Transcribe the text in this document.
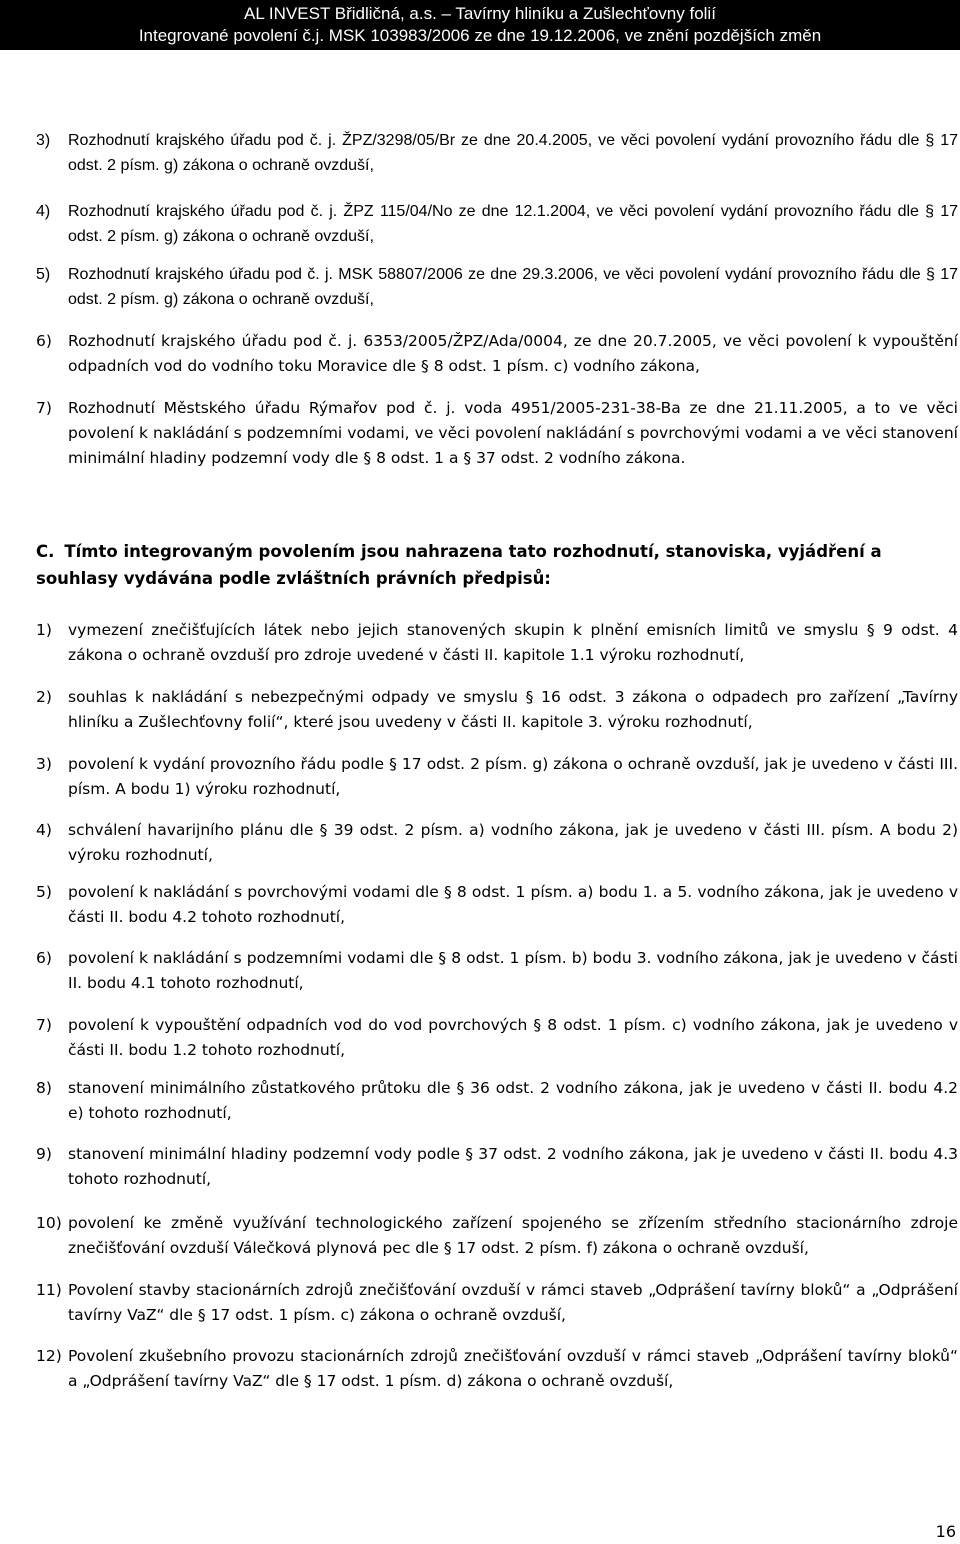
AL INVEST Břidličná, a.s. – Tavírny hliníku a Zušlechťovny folií
Integrované povolení č.j. MSK 103983/2006 ze dne 19.12.2006, ve znění pozdějších změn
3) Rozhodnutí krajského úřadu pod č. j. ŽPZ/3298/05/Br ze dne 20.4.2005, ve věci povolení vydání provozního řádu dle § 17 odst. 2 písm. g) zákona o ochraně ovzduší,
4) Rozhodnutí krajského úřadu pod č. j. ŽPZ 115/04/No ze dne 12.1.2004, ve věci povolení vydání provozního řádu dle § 17 odst. 2 písm. g) zákona o ochraně ovzduší,
5) Rozhodnutí krajského úřadu pod č. j. MSK 58807/2006 ze dne 29.3.2006, ve věci povolení vydání provozního řádu dle § 17 odst. 2 písm. g) zákona o ochraně ovzduší,
6) Rozhodnutí krajského úřadu pod č. j. 6353/2005/ŽPZ/Ada/0004, ze dne 20.7.2005, ve věci povolení k vypouštění odpadních vod do vodního toku Moravice dle § 8 odst. 1 písm. c) vodního zákona,
7) Rozhodnutí Městského úřadu Rýmařov pod č. j. voda 4951/2005-231-38-Ba ze dne 21.11.2005, a to ve věci povolení k nakládání s podzemními vodami, ve věci povolení nakládání s povrchovými vodami a ve věci stanovení minimální hladiny podzemní vody dle § 8 odst. 1 a § 37 odst. 2 vodního zákona.
C. Tímto integrovaným povolením jsou nahrazena tato rozhodnutí, stanoviska, vyjádření a souhlasy vydávána podle zvláštních právních předpisů:
1) vymezení znečišťujících látek nebo jejich stanovených skupin k plnění emisních limitů ve smyslu § 9 odst. 4 zákona o ochraně ovzduší pro zdroje uvedené v části II. kapitole 1.1 výroku rozhodnutí,
2) souhlas k nakládání s nebezpečnými odpady ve smyslu § 16 odst. 3 zákona o odpadech pro zařízení „Tavírny hliníku a Zušlechťovny folií“, které jsou uvedeny v části II. kapitole 3. výroku rozhodnutí,
3) povolení k vydání provozního řádu podle § 17 odst. 2 písm. g) zákona o ochraně ovzduší, jak je uvedeno v části III. písm. A bodu 1) výroku rozhodnutí,
4) schválení havarijního plánu dle § 39 odst. 2 písm. a) vodního zákona, jak je uvedeno v části III. písm. A bodu 2) výroku rozhodnutí,
5) povolení k nakládání s povrchovými vodami dle § 8 odst. 1 písm. a) bodu 1. a 5. vodního zákona, jak je uvedeno v části II. bodu 4.2 tohoto rozhodnutí,
6) povolení k nakládání s podzemními vodami dle § 8 odst. 1 písm. b) bodu 3. vodního zákona, jak je uvedeno v části II. bodu 4.1 tohoto rozhodnutí,
7) povolení k vypouštění odpadních vod do vod povrchových § 8 odst. 1 písm. c) vodního zákona, jak je uvedeno v části II. bodu 1.2 tohoto rozhodnutí,
8) stanovení minimálního zůstatkového průtoku dle § 36 odst. 2 vodního zákona, jak je uvedeno v části II. bodu 4.2 e) tohoto rozhodnutí,
9) stanovení minimální hladiny podzemní vody podle § 37 odst. 2 vodního zákona, jak je uvedeno v části II. bodu 4.3 tohoto rozhodnutí,
10) povolení ke změně využívání technologického zařízení spojeného se zřízením středního stacionárního zdroje znečišťování ovzduší Válečková plynová pec dle § 17 odst. 2 písm. f) zákona o ochraně ovzduší,
11) Povolení stavby stacionárních zdrojů znečišťování ovzduší v rámci staveb „Odprášení tavírny bloků“ a „Odprášení tavírny VaZ“ dle § 17 odst. 1 písm. c) zákona o ochraně ovzduší,
12) Povolení zkušebního provozu stacionárních zdrojů znečišťování ovzduší v rámci staveb „Odprášení tavírny bloků“ a „Odprášení tavírny VaZ“ dle § 17 odst. 1 písm. d) zákona o ochraně ovzduší,
16
